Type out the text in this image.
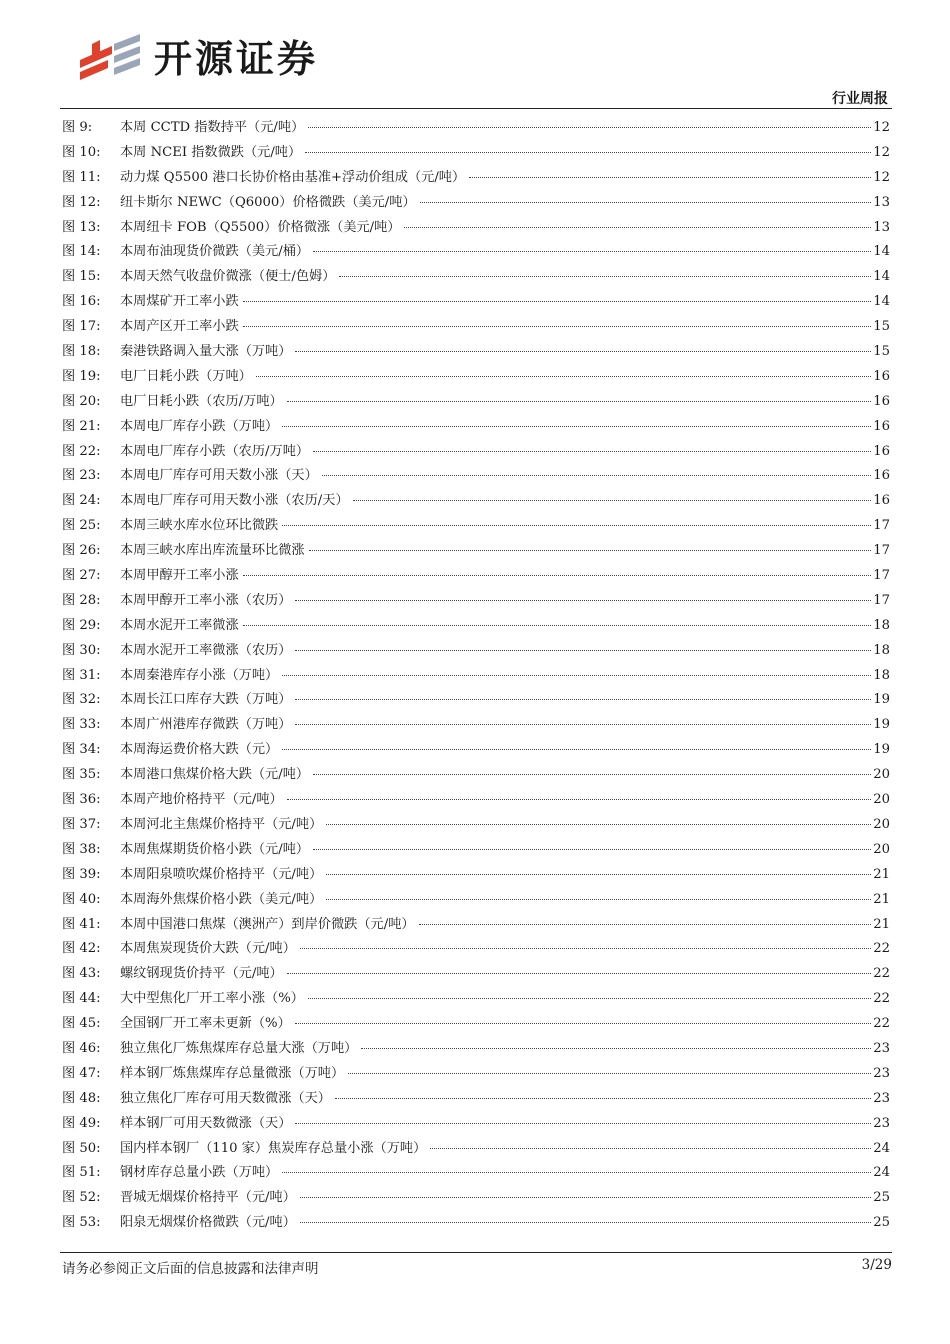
开源证券
行业周报
图 9:	本周 CCTD 指数持平（元/吨）	12
图 10:	本周 NCEI 指数微跌（元/吨）	12
图 11:	动力煤 Q5500 港口长协价格由基准+浮动价组成（元/吨）	12
图 12:	纽卡斯尔 NEWC（Q6000）价格微跌（美元/吨）	13
图 13:	本周纽卡 FOB（Q5500）价格微涨（美元/吨）	13
图 14:	本周布油现货价微跌（美元/桶）	14
图 15:	本周天然气收盘价微涨（便士/色姆）	14
图 16:	本周煤矿开工率小跌	14
图 17:	本周产区开工率小跌	15
图 18:	秦港铁路调入量大涨（万吨）	15
图 19:	电厂日耗小跌（万吨）	16
图 20:	电厂日耗小跌（农历/万吨）	16
图 21:	本周电厂库存小跌（万吨）	16
图 22:	本周电厂库存小跌（农历/万吨）	16
图 23:	本周电厂库存可用天数小涨（天）	16
图 24:	本周电厂库存可用天数小涨（农历/天）	16
图 25:	本周三峡水库水位环比微跌	17
图 26:	本周三峡水库出库流量环比微涨	17
图 27:	本周甲醇开工率小涨	17
图 28:	本周甲醇开工率小涨（农历）	17
图 29:	本周水泥开工率微涨	18
图 30:	本周水泥开工率微涨（农历）	18
图 31:	本周秦港库存小涨（万吨）	18
图 32:	本周长江口库存大跌（万吨）	19
图 33:	本周广州港库存微跌（万吨）	19
图 34:	本周海运费价格大跌（元）	19
图 35:	本周港口焦煤价格大跌（元/吨）	20
图 36:	本周产地价格持平（元/吨）	20
图 37:	本周河北主焦煤价格持平（元/吨）	20
图 38:	本周焦煤期货价格小跌（元/吨）	20
图 39:	本周阳泉喷吹煤价格持平（元/吨）	21
图 40:	本周海外焦煤价格小跌（美元/吨）	21
图 41:	本周中国港口焦煤（澳洲产）到岸价微跌（元/吨）	21
图 42:	本周焦炭现货价大跌（元/吨）	22
图 43:	螺纹钢现货价持平（元/吨）	22
图 44:	大中型焦化厂开工率小涨（%）	22
图 45:	全国钢厂开工率未更新（%）	22
图 46:	独立焦化厂炼焦煤库存总量大涨（万吨）	23
图 47:	样本钢厂炼焦煤库存总量微涨（万吨）	23
图 48:	独立焦化厂库存可用天数微涨（天）	23
图 49:	样本钢厂可用天数微涨（天）	23
图 50:	国内样本钢厂（110 家）焦炭库存总量小涨（万吨）	24
图 51:	钢材库存总量小跌（万吨）	24
图 52:	晋城无烟煤价格持平（元/吨）	25
图 53:	阳泉无烟煤价格微跌（元/吨）	25
请务必参阅正文后面的信息披露和法律声明	3/29
